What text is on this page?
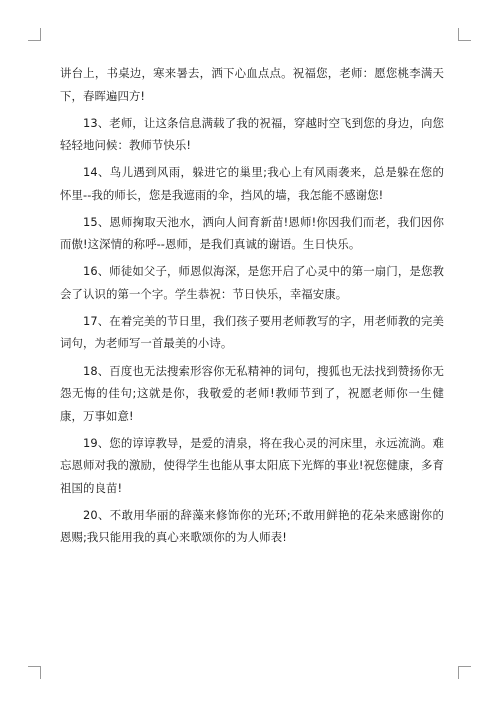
讲台上，书桌边，寒来暑去，洒下心血点点。祝福您，老师：愿您桃李满天下，春晖遍四方!

13、老师，让这条信息满载了我的祝福，穿越时空飞到您的身边，向您轻轻地问候：教师节快乐!

14、鸟儿遇到风雨，躲进它的巢里;我心上有风雨袭来，总是躲在您的怀里--我的师长，您是我遮雨的伞，挡风的墙，我怎能不感谢您!

15、恩师掬取天池水，洒向人间育新苗!恩师!你因我们而老，我们因你而傲!这深情的称呼--恩师，是我们真诚的谢语。生日快乐。

16、师徒如父子，师恩似海深，是您开启了心灵中的第一扇门，是您教会了认识的第一个字。学生恭祝：节日快乐，幸福安康。

17、在着完美的节日里，我们孩子要用老师教写的字，用老师教的完美词句，为老师写一首最美的小诗。

18、百度也无法搜索形容你无私精神的词句，搜狐也无法找到赞扬你无怨无悔的佳句;这就是你，我敬爱的老师!教师节到了，祝愿老师你一生健康，万事如意!

19、您的谆谆教导，是爱的清泉，将在我心灵的河床里，永远流淌。难忘恩师对我的激励，使得学生也能从事太阳底下光辉的事业!祝您健康，多育祖国的良苗!

20、不敢用华丽的辞藻来修饰你的光环;不敢用鲜艳的花朵来感谢你的恩赐;我只能用我的真心来歌颂你的为人师表!
